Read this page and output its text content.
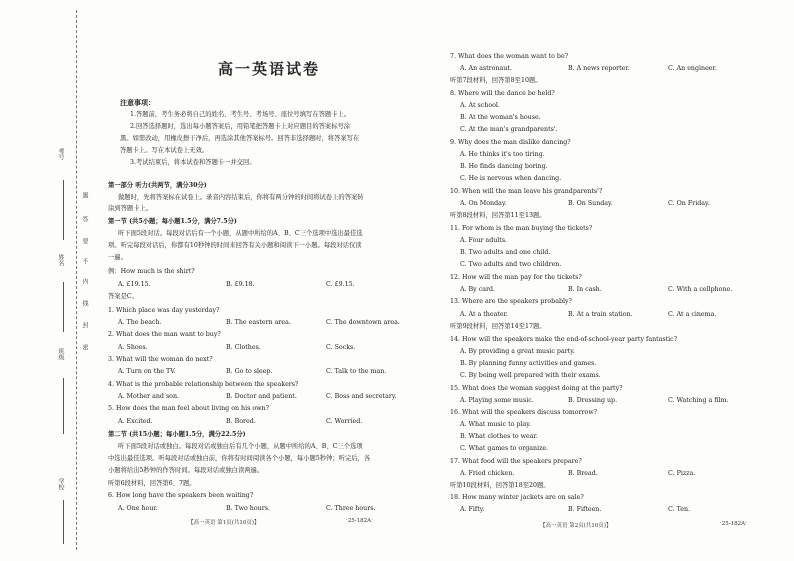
考号
姓名
班级
学校
密
封
线
内
不
要
答
题
高一英语试卷
注意事项：
1.答题前，考生务必将自己的姓名、考生号、考场号、座位号填写在答题卡上。
2.回答选择题时，选出每小题答案后，用铅笔把答题卡上对应题目的答案标号涂
黑。如需改动，用橡皮擦干净后，再选涂其他答案标号。回答非选择题时，将答案写在
答题卡上。写在本试卷上无效。
3.考试结束后，将本试卷和答题卡一并交回。
第一部分 听力(共两节，满分30分)
做题时，先将答案标在试卷上。录音内容结束后，你将有两分钟的时间将试卷上的答案转
涂到答题卡上。
第一节 (共5小题；每小题1.5分，满分7.5分)
听下面5段对话。每段对话后有一个小题，从题中所给的A、B、C三个选项中选出最佳选
项。听完每段对话后，你都有10秒钟的时间来回答有关小题和阅读下一小题。每段对话仅读
一遍。
例：How much is the shirt?
A. £19.15.	B. £9.18.	C. £9.15.
答案是C。
1. Which place was day yesterday?
A. The beach.	B. The eastern area.	C. The downtown area.
2. What does the man want to buy?
A. Shoes.	B. Clothes.	C. Socks.
3. What will the woman do next?
A. Turn on the TV.	B. Go to sleep.	C. Talk to the man.
4. What is the probable relationship between the speakers?
A. Mother and son.	B. Doctor and patient.	C. Boss and secretary.
5. How does the man feel about living on his own?
A. Excited.	B. Bored.	C. Worried.
第二节 (共15小题；每小题1.5分，满分22.5分)
听下面5段对话或独白。每段对话或独白后有几个小题，从题中所给的A、B、C三个选项
中选出最佳选项。听每段对话或独白前，你将有时间阅读各个小题，每小题5秒钟；听完后，各
小题将给出5秒钟的作答时间。每段对话或独白读两遍。
听第6段材料，回答第6、7题。
6. How long have the speakers been waiting?
A. One hour.	B. Two hours.	C. Three hours.
【高一英语 第1页(共10页)】	·25-182A·
7. What does the woman want to be?
A. An astronaut.	B. A news reporter.	C. An engineer.
听第7段材料，回答第8至10题。
8. Where will the dance be held?
A. At school.
B. At the woman's house.
C. At the man's grandparents'.
9. Why does the man dislike dancing?
A. He thinks it's too tiring.
B. He finds dancing boring.
C. He is nervous when dancing.
10. When will the man leave his grandparents'?
A. On Monday.	B. On Sunday.	C. On Friday.
听第8段材料，回答第11至13题。
11. For whom is the man buying the tickets?
A. Four adults.
B. Two adults and one child.
C. Two adults and two children.
12. How will the man pay for the tickets?
A. By card.	B. In cash.	C. With a cellphone.
13. Where are the speakers probably?
A. At a theater.	B. At a train station.	C. At a cinema.
听第9段材料，回答第14至17题。
14. How will the speakers make the end-of-school-year party fantastic?
A. By providing a great music party.
B. By planning funny activities and games.
C. By being well prepared with their exams.
15. What does the woman suggest doing at the party?
A. Playing some music.	B. Dressing up.	C. Watching a film.
16. What will the speakers discuss tomorrow?
A. What music to play.
B. What clothes to wear.
C. What games to organize.
17. What food will the speakers prepare?
A. Fried chicken.	B. Bread.	C. Pizza.
听第10段材料，回答第18至20题。
18. How many winter jackets are on sale?
A. Fifty.	B. Fifteen.	C. Ten.
【高一英语 第2页(共10页)】	·25-182A·
